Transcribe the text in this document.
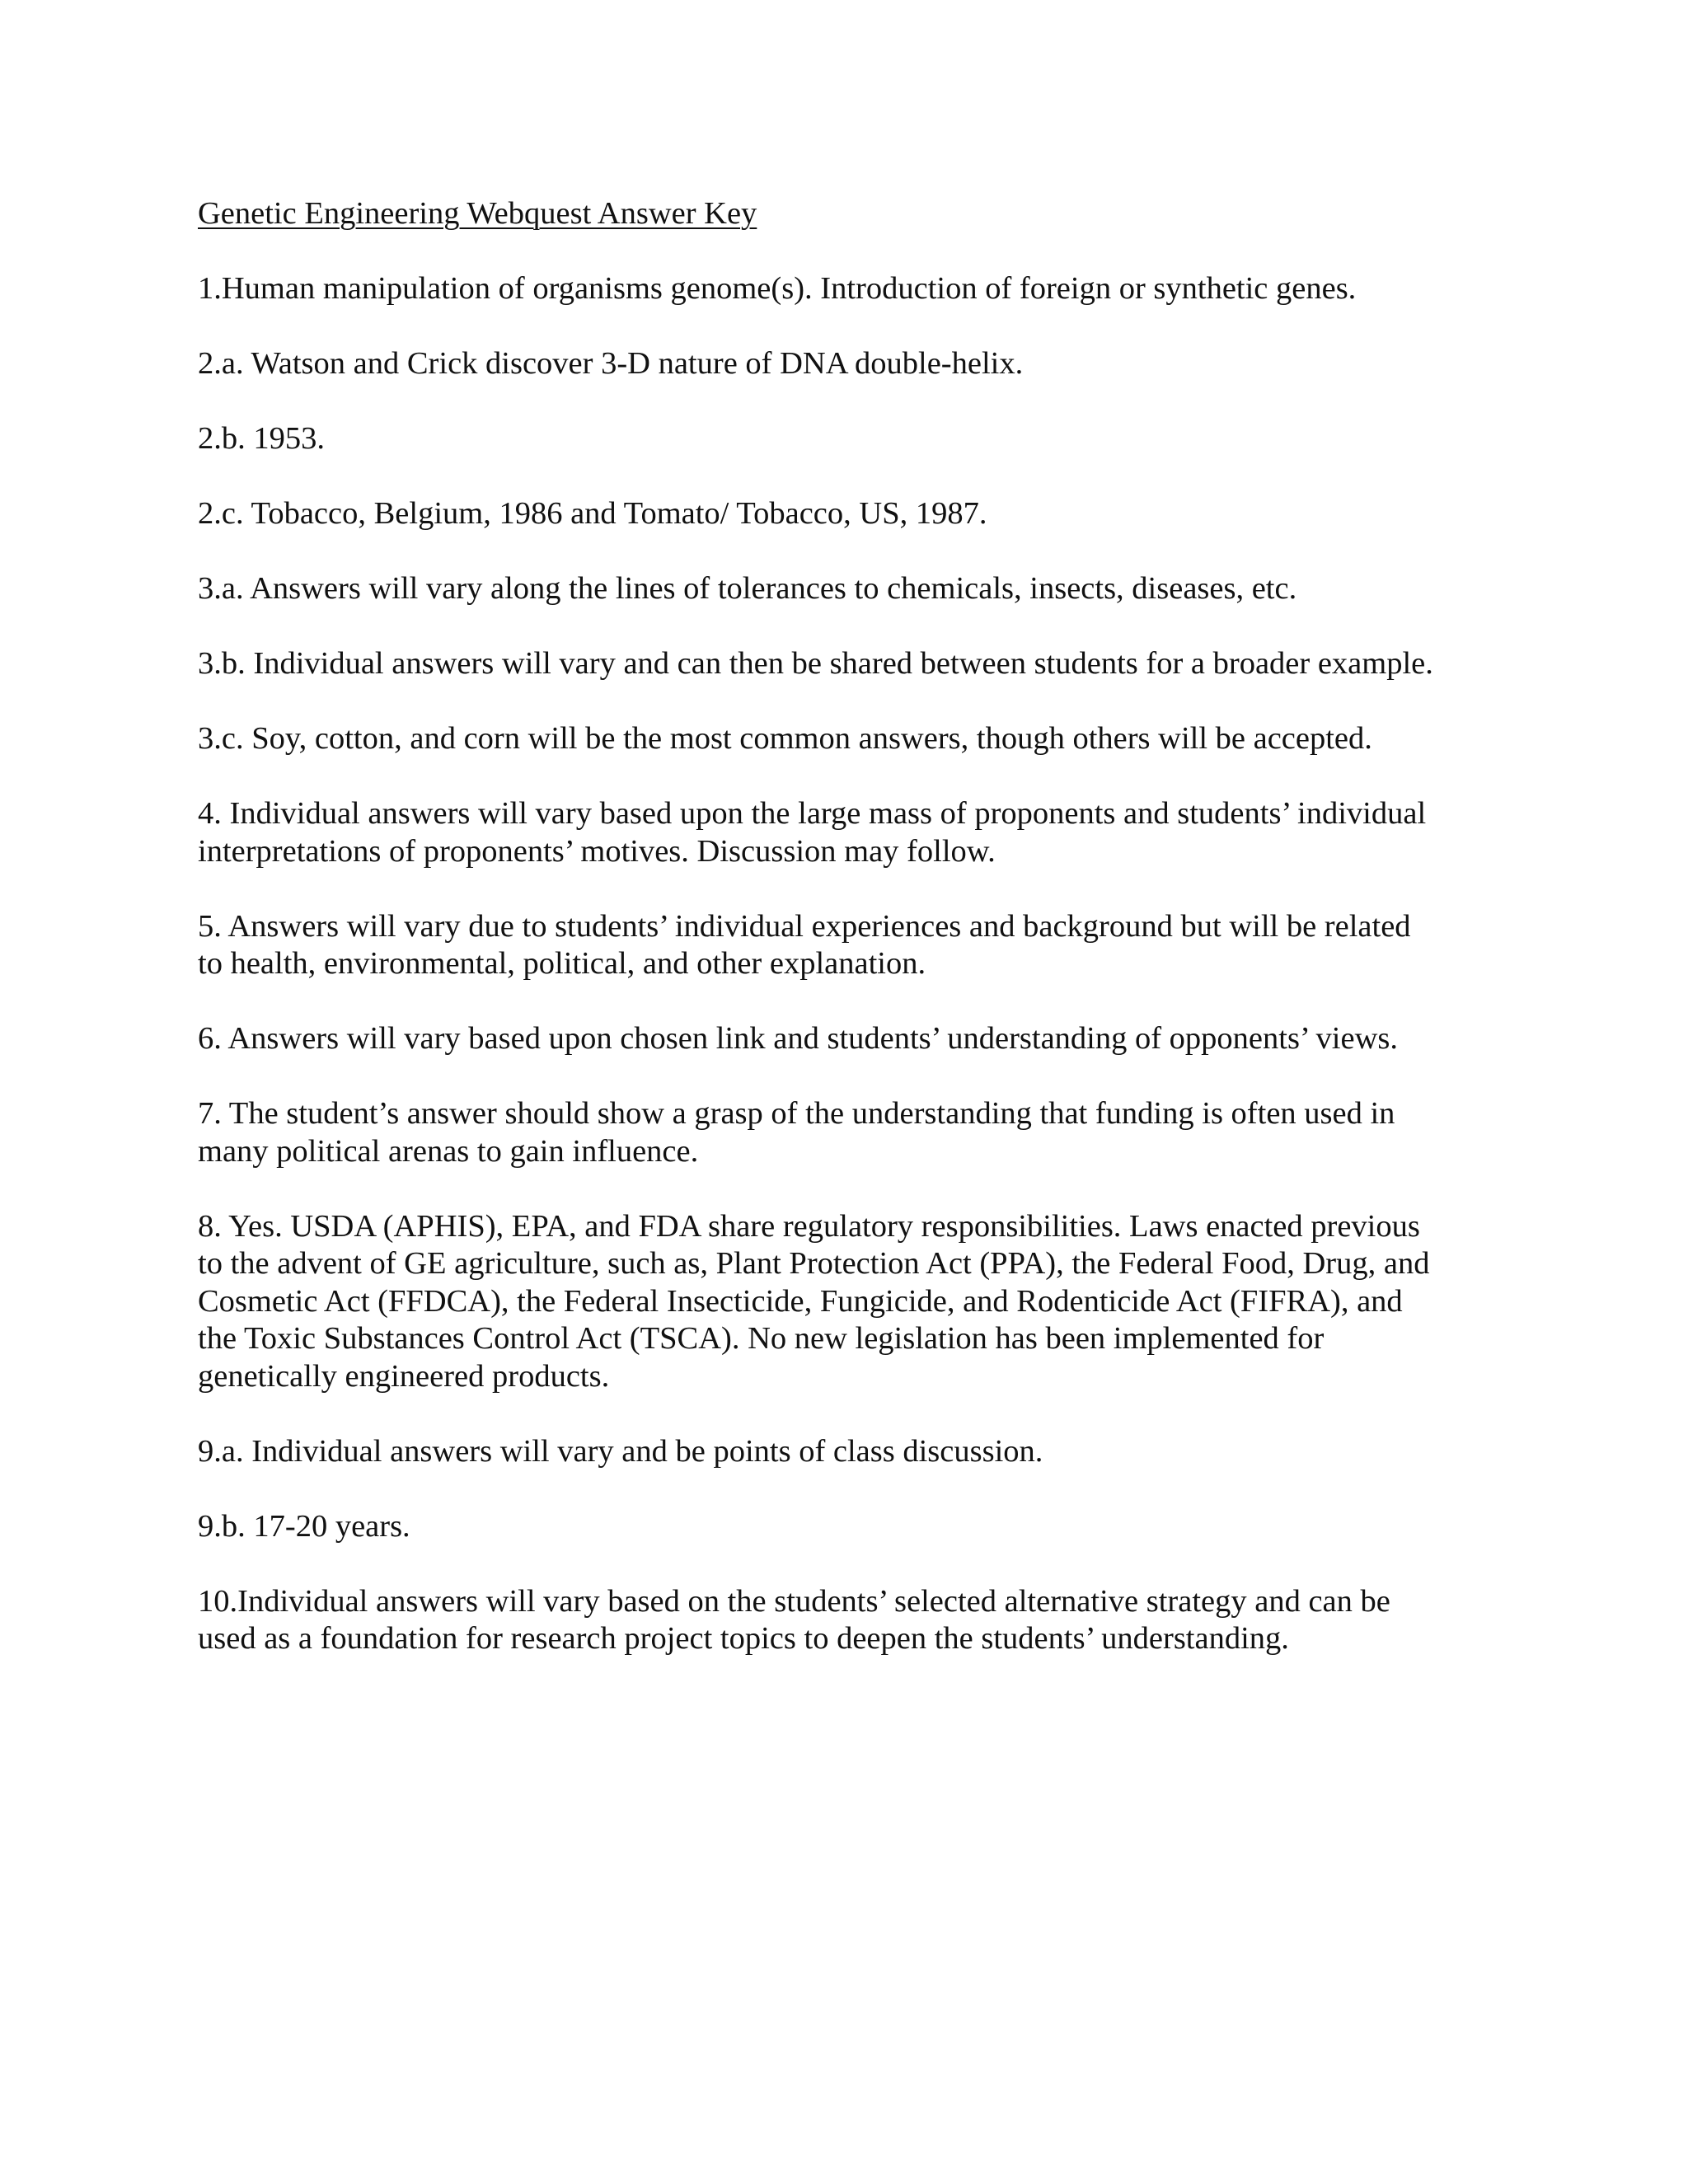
Genetic Engineering Webquest Answer Key

1.Human manipulation of organisms genome(s). Introduction of foreign or synthetic genes.

2.a. Watson and Crick discover 3-D nature of DNA double-helix.

2.b. 1953.

2.c. Tobacco, Belgium, 1986 and Tomato/ Tobacco, US, 1987.

3.a. Answers will vary along the lines of tolerances to chemicals, insects, diseases, etc.

3.b. Individual answers will vary and can then be shared between students for a broader example.

3.c. Soy, cotton, and corn will be the most common answers, though others will be accepted.

4. Individual answers will vary based upon the large mass of proponents and students’ individual
interpretations of proponents’ motives. Discussion may follow.

5. Answers will vary due to students’ individual experiences and background but will be related
to health, environmental, political, and other explanation.

6. Answers will vary based upon chosen link and students’ understanding of opponents’ views.

7. The student’s answer should show a grasp of the understanding that funding is often used in
many political arenas to gain influence.

8. Yes. USDA (APHIS), EPA, and FDA share regulatory responsibilities. Laws enacted previous
to the advent of GE agriculture, such as, Plant Protection Act (PPA), the Federal Food, Drug, and
Cosmetic Act (FFDCA), the Federal Insecticide, Fungicide, and Rodenticide Act (FIFRA), and
the Toxic Substances Control Act (TSCA). No new legislation has been implemented for
genetically engineered products.

9.a. Individual answers will vary and be points of class discussion.

9.b. 17-20 years.

10.Individual answers will vary based on the students’ selected alternative strategy and can be
used as a foundation for research project topics to deepen the students’ understanding.
